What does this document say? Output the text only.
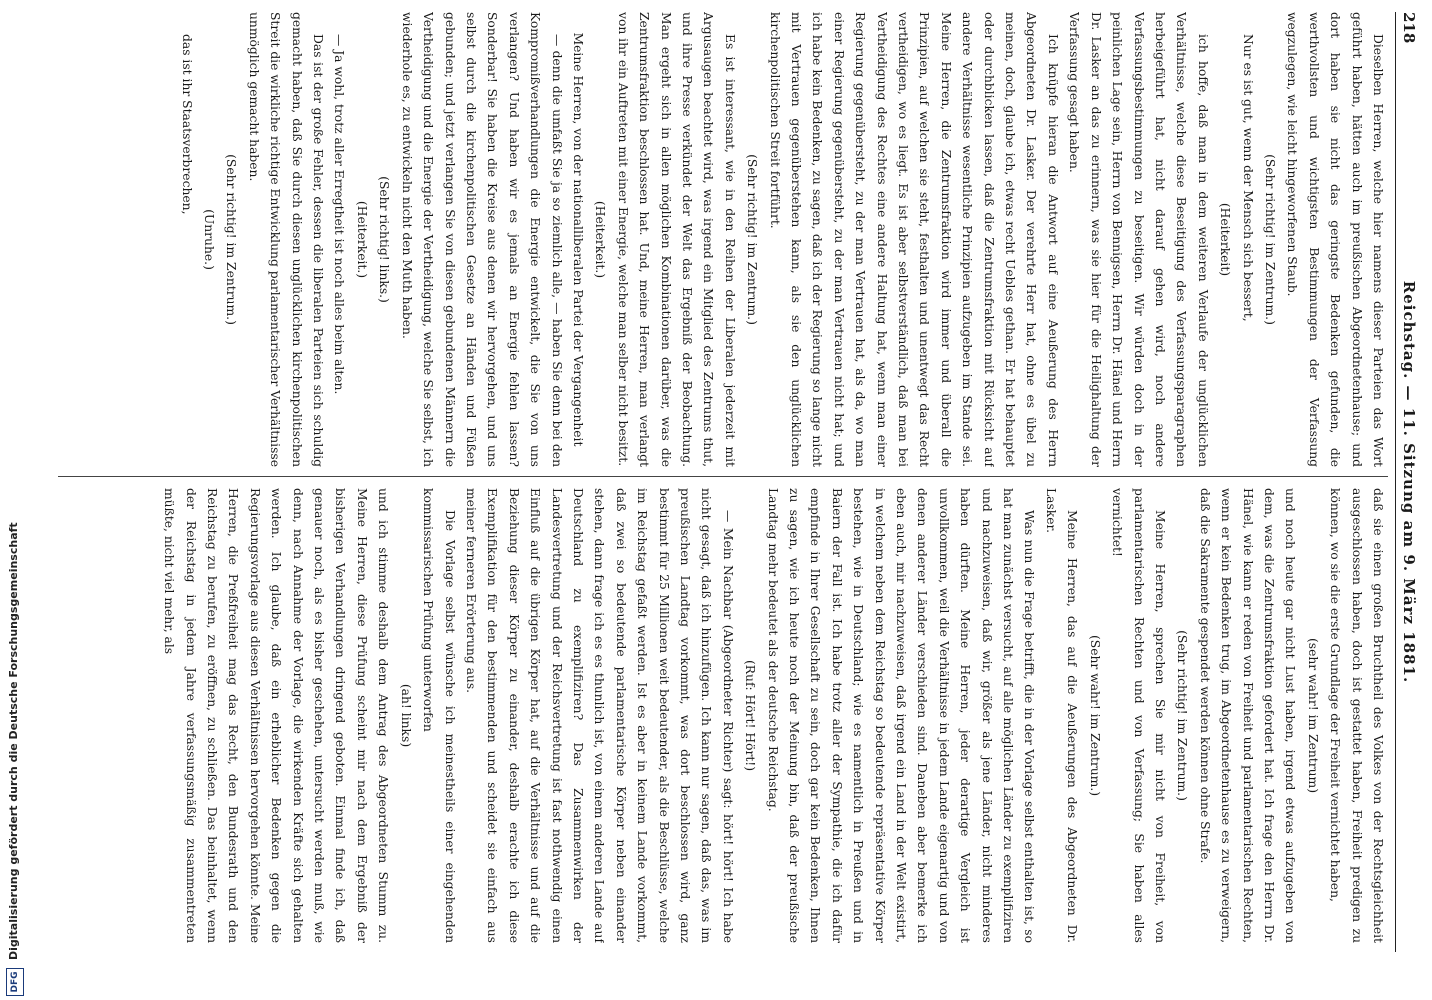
218
Reichstag. — 11. Sitzung am 9. März 1881.

Dieselben Herren, welche hier namens dieser Parteien das Wort geführt haben, hätten auch im preußischen Abgeordnetenhause; und dort haben sie nicht das geringste Bedenken gefunden, die werthvollsten und wichtigsten Bestimmungen der Verfassung wegzulegen, wie leicht hingeworfenen Staub.

(Sehr richtig! im Zentrum.)

Nur es ist gut, wenn der Mensch sich bessert,

(Heiterkeit)

ich hoffe, daß man in dem weiteren Verlaufe der unglücklichen Verhältnisse, welche diese Beseitigung des Verfassungsparagraphen herbeigeführt hat, nicht darauf gehen wird, noch andere Verfassungsbestimmungen zu beseitigen. Wir würden doch in der peinlichen Lage sein, Herrn von Bennigsen, Herrn Dr. Hänel und Herrn Dr. Lasker an das zu erinnern, was sie hier für die Heilighaltung der Verfassung gesagt haben.

Ich knüpfe hieran die Antwort auf eine Aeußerung des Herrn Abgeordneten Dr. Lasker. Der verehrte Herr hat, ohne es übel zu meinen, doch, glaube ich, etwas recht Uebles gethan. Er hat behauptet oder durchblicken lassen, daß die Zentrumsfraktion mit Rücksicht auf andere Verhältnisse wesentliche Prinzipien aufzugeben im Stande sei. Meine Herren, die Zentrumsfraktion wird immer und überall die Prinzipien, auf welchen sie steht, festhalten und unentwegt das Recht vertheidigen, wo es liegt. Es ist aber selbstverständlich, daß man bei Vertheidigung des Rechtes eine andere Haltung hat, wenn man einer Regierung gegenübersteht, zu der man Vertrauen hat, als da, wo man einer Regierung gegenübersteht, zu der man Vertrauen nicht hat; und ich habe kein Bedenken, zu sagen, daß ich der Regierung so lange nicht mit Vertrauen gegenüberstehen kann, als sie den unglücklichen kirchenpolitischen Streit fortführt.

(Sehr richtig! im Zentrum.)

Es ist interessant, wie in den Reihen der Liberalen jederzeit mit Argusaugen beachtet wird, was irgend ein Mitglied des Zentrums thut, und ihre Presse verkündet der Welt das Ergebniß der Beobachtung. Man ergeht sich in allen möglichen Kombinationen darüber, was die Zentrumsfraktion beschlossen hat. Und, meine Herren, man verlangt von ihr ein Auftreten mit einer Energie, welche man selber nicht besitzt.

(Heiterkeit.)

Meine Herren, von der nationalliberalen Partei der Vergangenheit

— denn die umfaßt Sie ja so ziemlich alle, — haben Sie denn bei den Kompromißverhandlungen die Energie entwickelt, die Sie von uns verlangen? Und haben wir es jemals an Energie fehlen lassen? Sonderbar! Sie haben die Kreise aus denen wir hervorgehen, und uns selbst durch die kirchenpolitischen Gesetze an Händen und Füßen gebunden; und jetzt verlangen Sie von diesen gebundenen Männern die Vertheidigung und die Energie der Vertheidigung, welche Sie selbst, ich wiederhole es, zu entwickeln nicht den Muth haben.

(Sehr richtig! links.)

(Heiterkeit.)

— Ja wohl, trotz aller Erregtheit ist noch alles beim alten.

Das ist der große Fehler, dessen die liberalen Parteien sich schuldig gemacht haben, daß Sie durch diesen unglücklichen kirchenpolitischen Streit die wirkliche richtige Entwicklung parlamentarischer Verhältnisse unmöglich gemacht haben.

(Sehr richtig! im Zentrum.)

(Unruhe.)

das ist ihr Staatsverbrechen,

daß sie einen großen Bruchtheil des Volkes von der Rechtsgleichheit ausgeschlossen haben, doch ist gestattet haben, Freiheit predigen zu können, wo sie die erste Grundlage der Freiheit vernichtet haben,

(sehr wahr! im Zentrum)

und noch heute gar nicht Lust haben, irgend etwas aufzugeben von dem, was die Zentrumsfraktion gefordert hat. Ich frage den Herrn Dr. Hänel, wie kann er reden von Freiheit und parlamentarischen Rechten, wenn er kein Bedenken trug, im Abgeordnetenhause es zu verweigern, daß die Sakramente gespendet werden können ohne Strafe.

(Sehr richtig! im Zentrum.)

Meine Herren, sprechen Sie mir nicht von Freiheit, von parlamentarischen Rechten und von Verfassung; Sie haben alles vernichtet!

(Sehr wahr! im Zentrum.)

Meine Herren, das auf die Aeußerungen des Abgeordneten Dr. Lasker.

Was nun die Frage betrifft, die in der Vorlage selbst enthalten ist, so hat man zunächst versucht, auf alle möglichen Länder zu exemplifiziren und nachzuweisen, daß wir, größer als jene Länder, nicht minderes haben dürften. Meine Herren, jeder derartige Vergleich ist unvollkommen, weil die Verhältnisse in jedem Lande eigenartig und von denen anderer Länder verschieden sind. Daneben aber bemerke ich eben auch, mir nachzuweisen, daß irgend ein Land in der Welt existirt, in welchem neben dem Reichstag so bedeutende repräsentative Körper bestehen, wie in Deutschland; wie es namentlich in Preußen und in Baiern der Fall ist. Ich habe trotz aller der Sympathie, die ich dafür empfinde in Ihrer Gesellschaft zu sein, doch gar kein Bedenken, Ihnen zu sagen, wie ich heute noch der Meinung bin, daß der preußische Landtag mehr bedeutet als der deutsche Reichstag.

(Ruf: Hört! Hört!)

— Mein Nachbar (Abgeordneter Richter) sagt: hört! hört! Ich habe nicht gesagt, daß ich hinzufügen. Ich kann nur sagen, daß das, was im preußischen Landtag vorkommt, was dort beschlossen wird, ganz bestimmt für 25 Millionen weit bedeutender, als die Beschlüsse, welche im Reichstag gefaßt werden. Ist es aber in keinem Lande vorkommt, daß zwei so bedeutende parlamentarische Körper neben einander stehen, dann frage ich es es thunlich ist, von einem anderen Lande auf Deutschland zu exemplifiziren? Das Zusammenwirken der Landesvertretung und der Reichsvertretung ist fast nothwendig einen Einfluß auf die übrigen Körper hat, auf die Verhältnisse und auf die Beziehung dieser Körper zu einander, deshalb erachte ich diese Exemplifikation für den bestimmenden und scheidet sie einfach aus meiner ferneren Erörterung aus.

Die Vorlage selbst wünsche ich meinestheils einer eingehenden kommissarischen Prüfung unterworfen

(ah! links)

und ich stimme deshalb dem Antrag des Abgeordneten Stumm zu. Meine Herren, diese Prüfung scheint mir nach dem Ergebniß der bisherigen Verhandlungen dringend geboten. Einmal finde ich, daß genauer noch, als es bisher geschehen, untersucht werden muß, wie denn, nach Annahme der Vorlage, die wirkenden Kräfte sich gehalten werden. Ich glaube, daß ein erheblicher Bedenken gegen die Regierungsvorlage aus diesen Verhältnissen hervorgehen könnte. Meine Herren, die Preßfreiheit mag das Recht, den Bundesrath und den Reichstag zu berufen, zu eröffnen, zu schließen. Das beinhaltet, wenn der Reichstag in jedem Jahre verfassungsmäßig zusammentreten müßte, nicht viel mehr, als

DFG
Digitalisierung gefördert durch die Deutsche Forschungsgemeinschaft
